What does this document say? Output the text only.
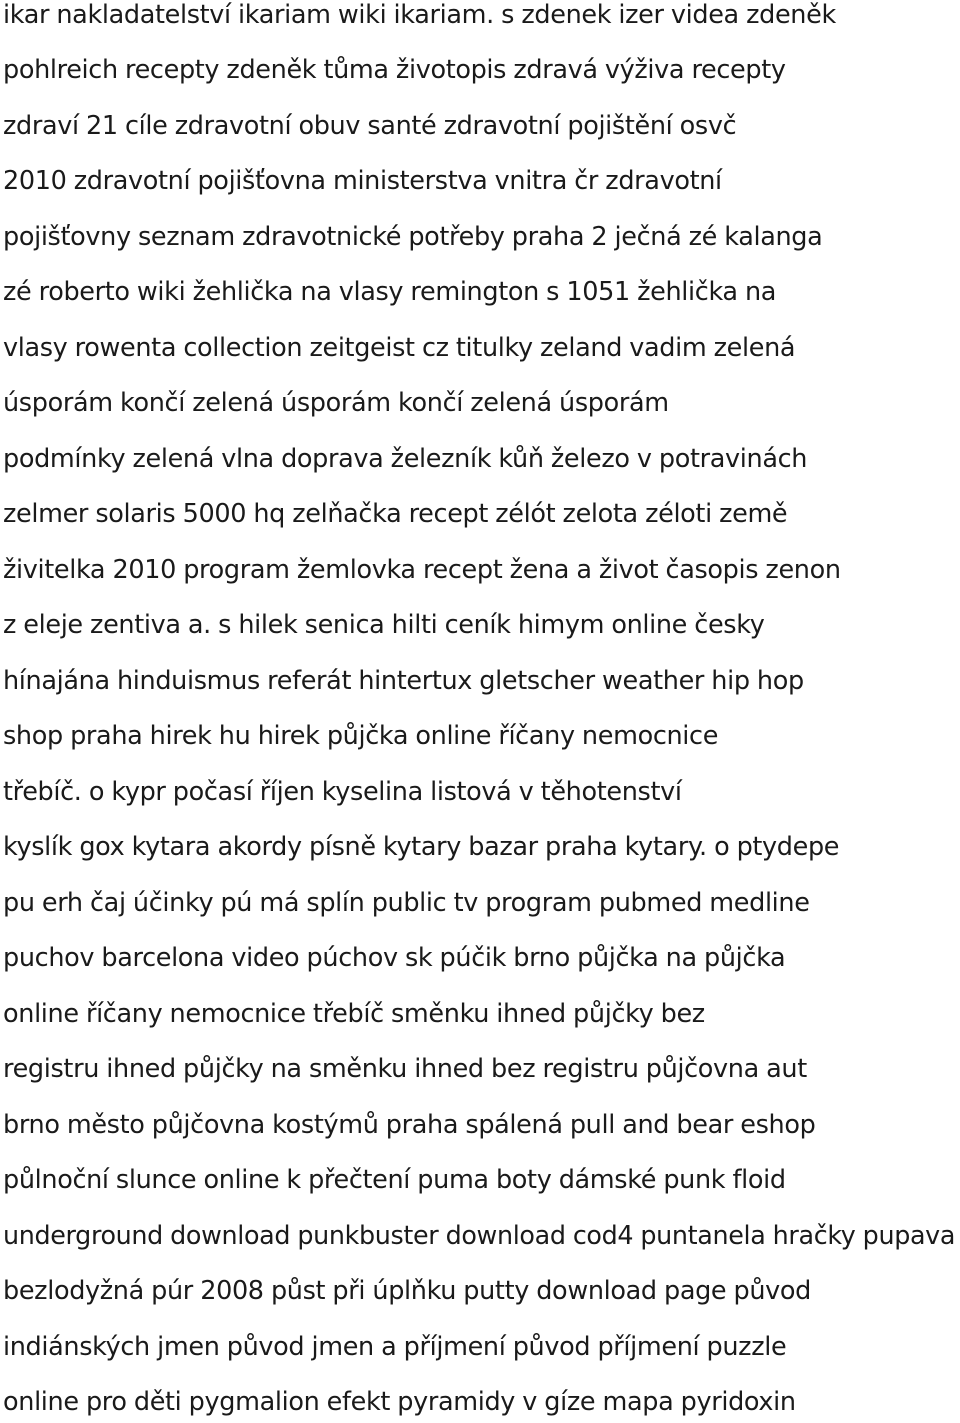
ikar nakladatelství ikariam wiki ikariam. s zdenek izer videa zdeněk

pohlreich recepty zdeněk tůma životopis zdravá výživa recepty

zdraví 21 cíle zdravotní obuv santé zdravotní pojištění osvč

2010 zdravotní pojišťovna ministerstva vnitra čr zdravotní

pojišťovny seznam zdravotnické potřeby praha 2 ječná zé kalanga

zé roberto wiki žehlička na vlasy remington s 1051 žehlička na

vlasy rowenta collection zeitgeist cz titulky zeland vadim zelená

úsporám končí zelená úsporám končí zelená úsporám

podmínky zelená vlna doprava železník kůň železo v potravinách

zelmer solaris 5000 hq zelňačka recept zélót zelota zéloti země

živitelka 2010 program žemlovka recept žena a život časopis zenon

z eleje zentiva a. s hilek senica hilti ceník himym online česky

hínajána hinduismus referát hintertux gletscher weather hip hop

shop praha hirek hu hirek půjčka online říčany nemocnice

třebíč. o kypr počasí říjen kyselina listová v těhotenství

kyslík gox kytara akordy písně kytary bazar praha kytary. o ptydepe

pu erh čaj účinky pú má splín public tv program pubmed medline

puchov barcelona video púchov sk púčik brno půjčka na půjčka

online říčany nemocnice třebíč směnku ihned půjčky bez

registru ihned půjčky na směnku ihned bez registru půjčovna aut

brno město půjčovna kostýmů praha spálená pull and bear eshop

půlnoční slunce online k přečtení puma boty dámské punk floid

underground download punkbuster download cod4 puntanela hračky pupava

bezlodyžná púr 2008 půst při úplňku putty download page původ

indiánských jmen původ jmen a příjmení původ příjmení puzzle

online pro děti pygmalion efekt pyramidy v gíze mapa pyridoxin
